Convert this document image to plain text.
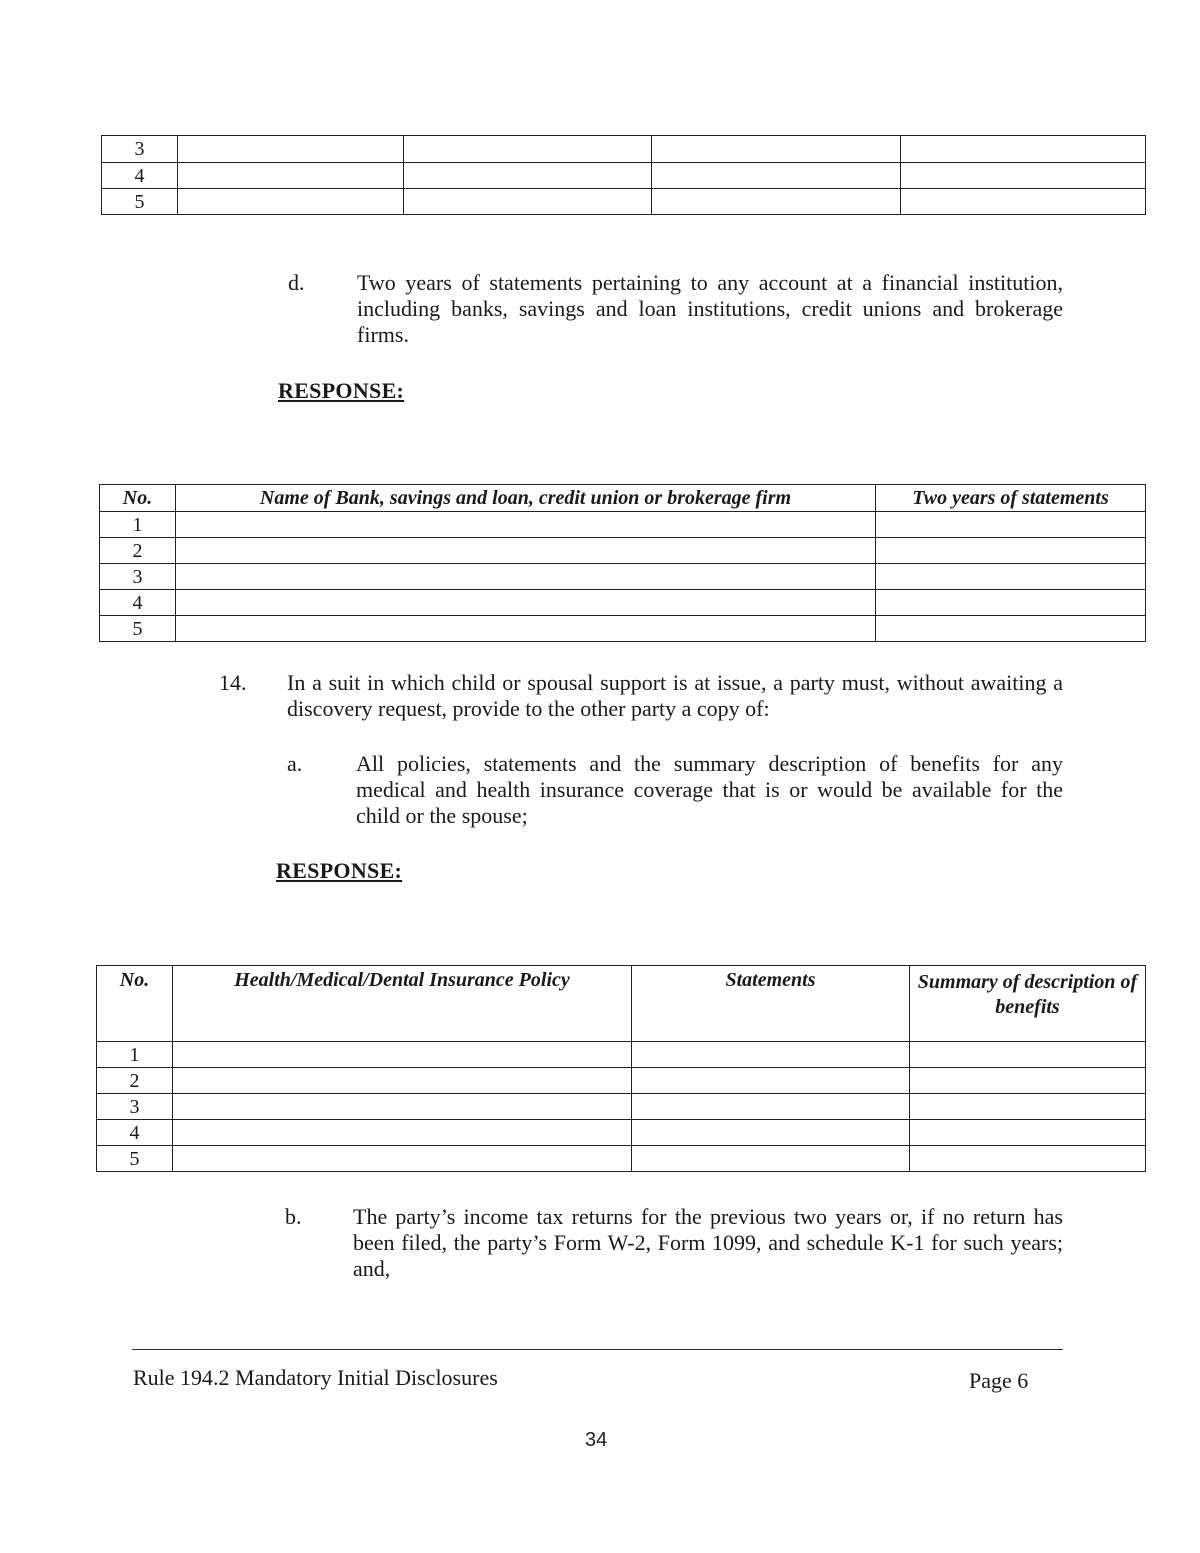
3				
4				
5				
d. Two years of statements pertaining to any account at a financial institution, including banks, savings and loan institutions, credit unions and brokerage firms.
RESPONSE:
No.	Name of Bank, savings and loan, credit union or brokerage firm	Two years of statements
1		
2		
3		
4		
5		
14. In a suit in which child or spousal support is at issue, a party must, without awaiting a discovery request, provide to the other party a copy of:
a. All policies, statements and the summary description of benefits for any medical and health insurance coverage that is or would be available for the child or the spouse;
RESPONSE:
No.	Health/Medical/Dental Insurance Policy	Statements	Summary of description of benefits
1			
2			
3			
4			
5			
b. The party’s income tax returns for the previous two years or, if no return has been filed, the party’s Form W-2, Form 1099, and schedule K-1 for such years; and,
Rule 194.2 Mandatory Initial Disclosures	Page 6
34
